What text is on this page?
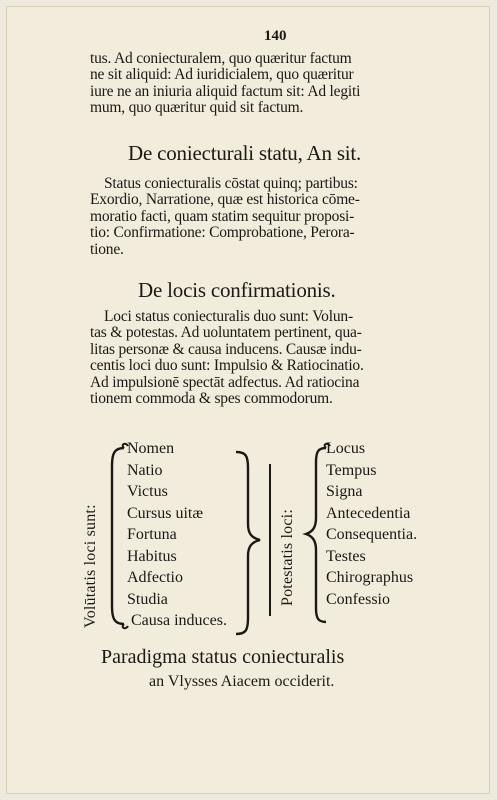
140
tus. Ad coniecturalem, quo quæritur factum
ne sit aliquid: Ad iuridicialem, quo quæritur
iure ne an iniuria aliquid factum sit: Ad legiti
mum, quo quæritur quid sit factum.
De coniecturali statu, An sit.
Status coniecturalis cōstat quinq; partibus:
Exordio, Narratione, quæ est historica cōme-
moratio facti, quam statim sequitur proposi-
tio: Confirmatione: Comprobatione, Perora-
tione.
De locis confirmationis.
Loci status coniecturalis duo sunt: Volun-
tas & potestas. Ad uoluntatem pertinent, qua-
litas personæ & causa inducens. Causæ indu-
centis loci duo sunt: Impulsio & Ratiocinatio.
Ad impulsionē spectāt adfectus. Ad ratiocina
tionem commoda & spes commodorum.
Volūtatis loci sunt:
Nomen
Natio
Victus
Cursus uitæ
Fortuna
Habitus
Adfectio
Studia
Causa induces.
Potestatis loci:
Locus
Tempus
Signa
Antecedentia
Consequentia.
Testes
Chirographus
Confessio
Paradigma status coniecturalis
an Vlysses Aiacem occiderit.
